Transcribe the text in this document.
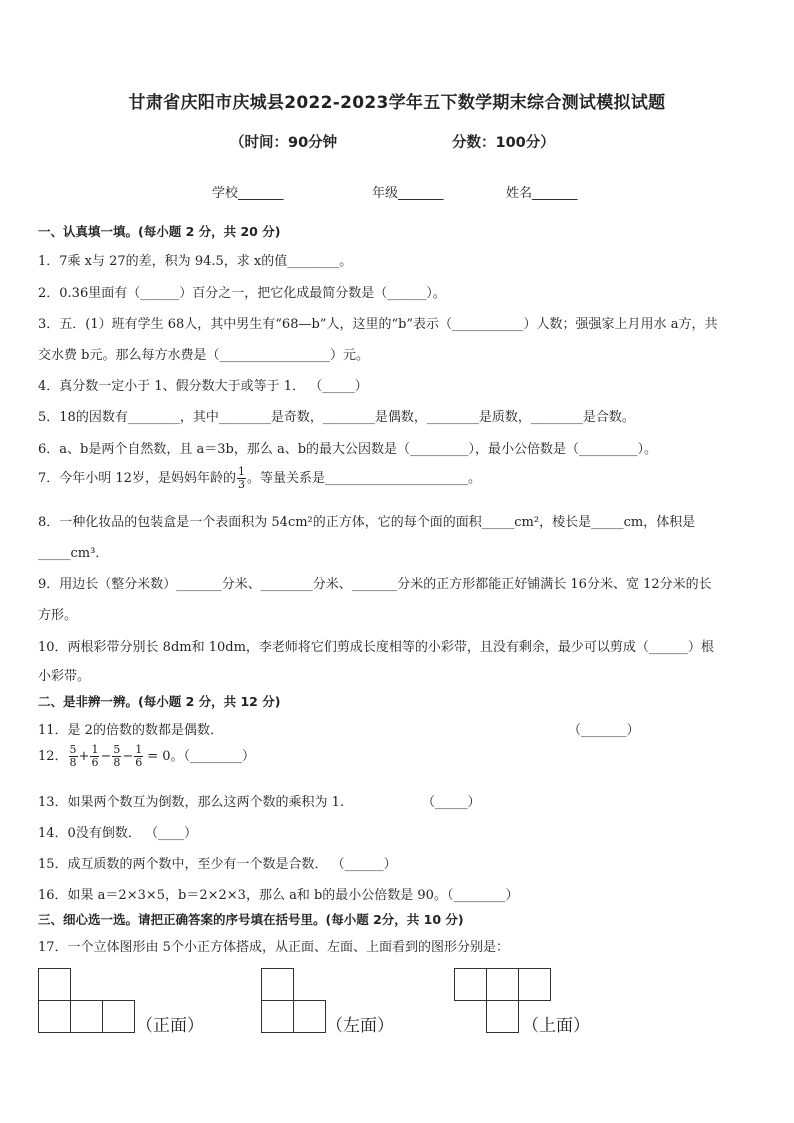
甘肃省庆阳市庆城县2022-2023学年五下数学期末综合测试模拟试题
（时间：90分钟	分数：100分）
学校_______	年级_______	姓名_______
一、认真填一填。(每小题 2 分，共 20 分)
1．7乘 x与 27的差，积为 94.5，求 x的值________。
2．0.36里面有（______）百分之一，把它化成最简分数是（______）。
3．五．(1）班有学生 68人，其中男生有“68—b”人，这里的“b”表示（___________）人数；强强家上月用水 a方，共
交水费 b元。那么每方水费是（_________________）元。
4．真分数一定小于 1、假分数大于或等于 1． （_____）
5．18的因数有________，其中________是奇数，________是偶数，________是质数，________是合数。
6．a、b是两个自然数，且 a＝3b，那么 a、b的最大公因数是（_________），最小公倍数是（_________）。
7．今年小明 12岁，是妈妈年龄的 $\frac{1}{3}$ 。等量关系是______________________。
8．一种化妆品的包装盒是一个表面积为 54cm²的正方体，它的每个面的面积_____cm²，棱长是_____cm，体积是
_____cm³．
9．用边长（整分米数）_______分米、________分米、_______分米的正方形都能正好铺满长 16分米、宽 12分米的长
方形。
10．两根彩带分别长 8dm和 10dm，李老师将它们剪成长度相等的小彩带，且没有剩余，最少可以剪成（______）根
小彩带。
二、是非辨一辨。(每小题 2 分，共 12 分)
11．是 2的倍数的数都是偶数．	（_______）
12． $\frac{5}{8} + \frac{1}{6} - \frac{5}{8} - \frac{1}{6} = 0$。（________）
13．如果两个数互为倒数，那么这两个数的乘积为 1.	（_____）
14．0没有倒数． （____）
15．成互质数的两个数中，至少有一个数是合数． （______）
16．如果 a＝2×3×5，b＝2×2×3，那么 a和 b的最小公倍数是 90。（________）
三、细心选一选。请把正确答案的序号填在括号里。(每小题 2分，共 10 分)
17．一个立体图形由 5个小正方体搭成，从正面、左面、上面看到的图形分别是：
（正面）	（左面）	（上面）
